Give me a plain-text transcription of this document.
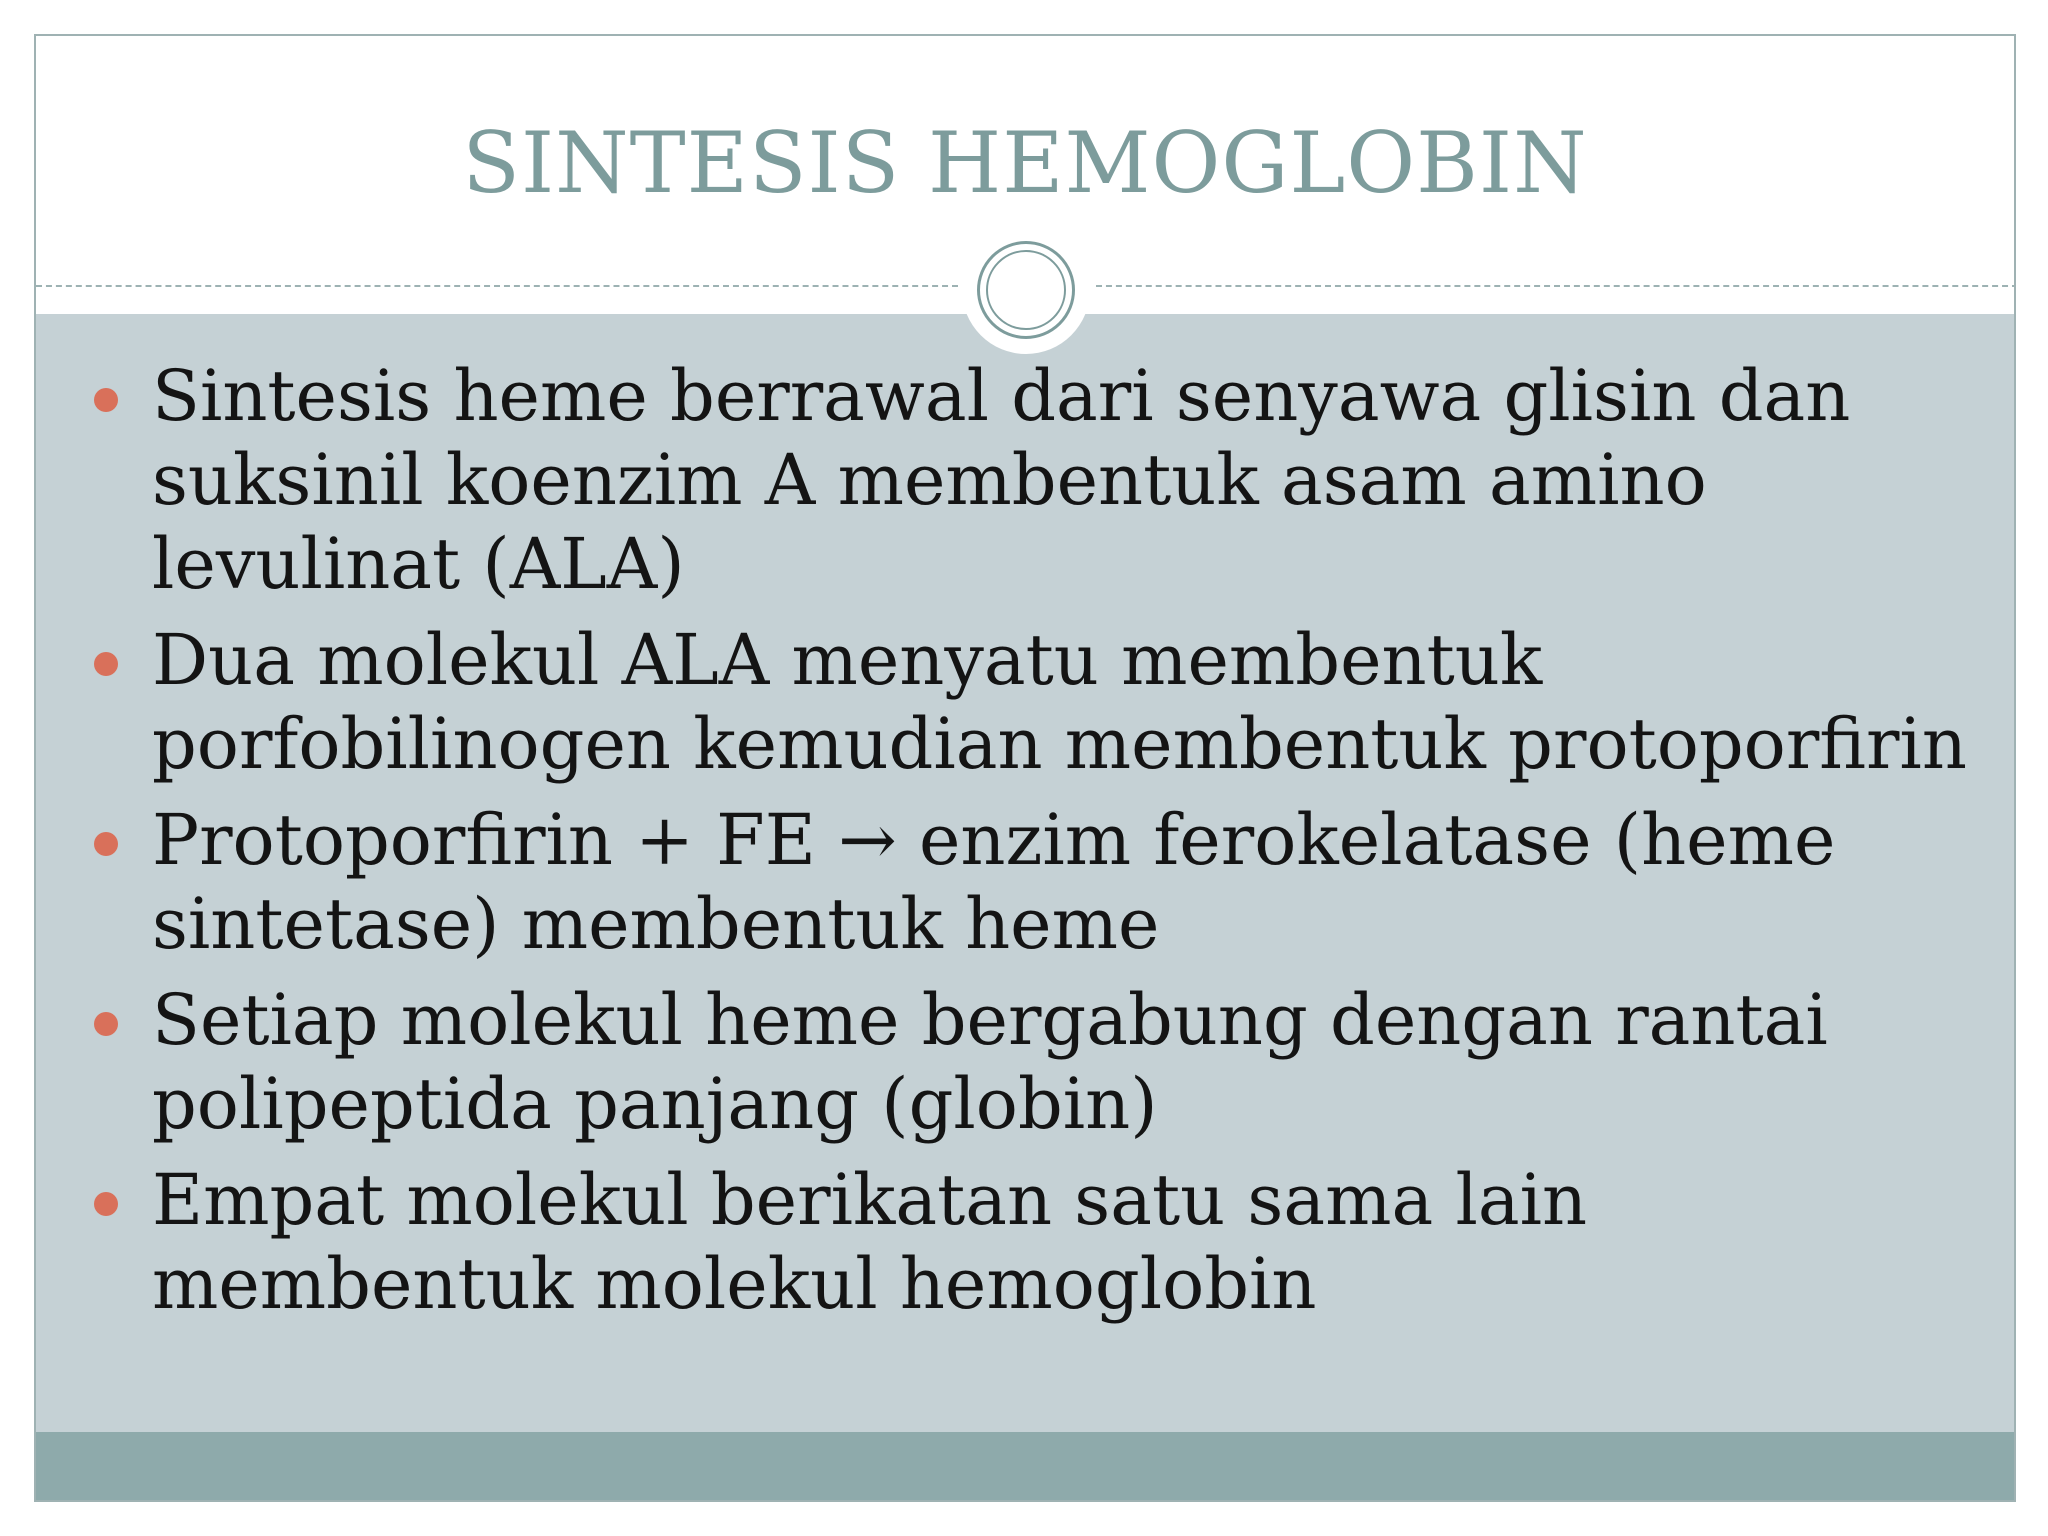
SINTESIS HEMOGLOBIN
Sintesis heme berrawal dari senyawa glisin dan suksinil koenzim A membentuk asam amino levulinat (ALA)
Dua molekul ALA menyatu membentuk porfobilinogen kemudian membentuk protoporfirin
Protoporfirin + FE → enzim ferokelatase (heme sintetase) membentuk heme
Setiap molekul heme bergabung dengan rantai polipeptida panjang (globin)
Empat molekul berikatan satu sama lain membentuk molekul hemoglobin
